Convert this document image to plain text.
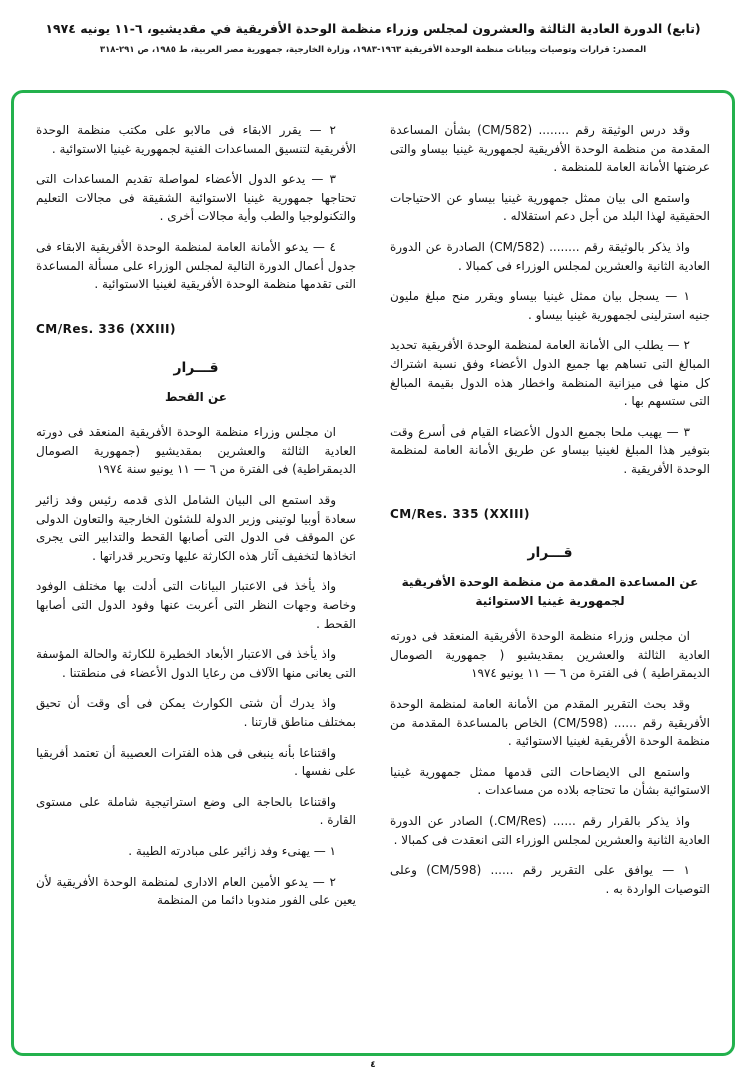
(تابع) الدورة العادية الثالثة والعشرون لمجلس وزراء منظمة الوحدة الأفريقية في مقديشيو، ٦-١١ يونيه ١٩٧٤
المصدر: قرارات وتوصيات وبيانات منظمة الوحدة الأفريقية ١٩٦٣-١٩٨٣، وزارة الخارجية، جمهورية مصر العربية، ط ١٩٨٥، ص ٢٩١-٣١٨
وقد درس الوثيقة رقم ........ (CM/582) بشأن المساعدة المقدمة من منظمة الوحدة الأفريقية لجمهورية غينيا بيساو والتى عرضتها الأمانة العامة للمنظمة .
واستمع الى بيان ممثل جمهورية غينيا بيساو عن الاحتياجات الحقيقية لهذا البلد من أجل دعم استقلاله .
واذ يذكر بالوثيقة رقم ........ (CM/582) الصادرة عن الدورة العادية الثانية والعشرين لمجلس الوزراء فى كمبالا .
١ — يسجل بيان ممثل غينيا بيساو ويقرر منح مبلغ مليون جنيه استرلينى لجمهورية غينيا بيساو .
٢ — يطلب الى الأمانة العامة لمنظمة الوحدة الأفريقية تحديد المبالغ التى تساهم بها جميع الدول الأعضاء وفق نسبة اشتراك كل منها فى ميزانية المنظمة واخطار هذه الدول بقيمة المبالغ التى ستسهم بها .
٣ — يهيب ملحا بجميع الدول الأعضاء القيام فى أسرع وقت بتوفير هذا المبلغ لغينيا بيساو عن طريق الأمانة العامة لمنظمة الوحدة الأفريقية .
CM/Res. 335 (XXIII)
قـــرار
عن المساعدة المقدمة من منظمة الوحدة الأفريقية لجمهورية غينيا الاستوائية
ان مجلس وزراء منظمة الوحدة الأفريقية المنعقد فى دورته العادية الثالثة والعشرين بمقديشيو ( جمهورية الصومال الديمقراطية ) فى الفترة من ٦ — ١١ يونيو ١٩٧٤
وقد بحث التقرير المقدم من الأمانة العامة لمنظمة الوحدة الأفريقية رقم ...... (CM/598) الخاص بالمساعدة المقدمة من منظمة الوحدة الأفريقية لغينيا الاستوائية .
واستمع الى الايضاحات التى قدمها ممثل جمهورية غينيا الاستوائية بشأن ما تحتاجه بلاده من مساعدات .
واذ يذكر بالقرار رقم ...... (CM/Res.) الصادر عن الدورة العادية الثانية والعشرين لمجلس الوزراء التى انعقدت فى كمبالا .
١ — يوافق على التقرير رقم ...... (CM/598) وعلى التوصيات الواردة به .
٢ — يقرر الابقاء فى مالابو على مكتب منظمة الوحدة الأفريقية لتنسيق المساعدات الفنية لجمهورية غينيا الاستوائية .
٣ — يدعو الدول الأعضاء لمواصلة تقديم المساعدات التى تحتاجها جمهورية غينيا الاستوائية الشقيقة فى مجالات التعليم والتكنولوجيا والطب وأية مجالات أخرى .
٤ — يدعو الأمانة العامة لمنظمة الوحدة الأفريقية الابقاء فى جدول أعمال الدورة التالية لمجلس الوزراء على مسألة المساعدة التى تقدمها منظمة الوحدة الأفريقية لغينيا الاستوائية .
CM/Res. 336 (XXIII)
قـــرار
عن القحط
ان مجلس وزراء منظمة الوحدة الأفريقية المنعقد فى دورته العادية الثالثة والعشرين بمقديشيو (جمهورية الصومال الديمقراطية) فى الفترة من ٦ — ١١ يونيو سنة ١٩٧٤
وقد استمع الى البيان الشامل الذى قدمه رئيس وفد زائير سعادة أوبيا لوتينى وزير الدولة للشئون الخارجية والتعاون الدولى عن الموقف فى الدول التى أصابها القحط والتدابير التى يجرى اتخاذها لتخفيف آثار هذه الكارثة عليها وتحرير قدراتها .
واذ يأخذ فى الاعتبار البيانات التى أدلت بها مختلف الوفود وخاصة وجهات النظر التى أعربت عنها وفود الدول التى أصابها القحط .
واذ يأخذ فى الاعتبار الأبعاد الخطيرة للكارثة والحالة المؤسفة التى يعانى منها الآلاف من رعايا الدول الأعضاء فى منطقتنا .
واذ يدرك أن شتى الكوارث يمكن فى أى وقت أن تحيق بمختلف مناطق قارتنا .
واقتناعا بأنه ينبغى فى هذه الفترات العصيبة أن تعتمد أفريقيا على نفسها .
واقتناعا بالحاجة الى وضع استراتيجية شاملة على مستوى القارة .
١ — يهنىء وفد زائير على مبادرته الطيبة .
٢ — يدعو الأمين العام الادارى لمنظمة الوحدة الأفريقية لأن يعين على الفور مندوبا دائما من المنظمة
٤
